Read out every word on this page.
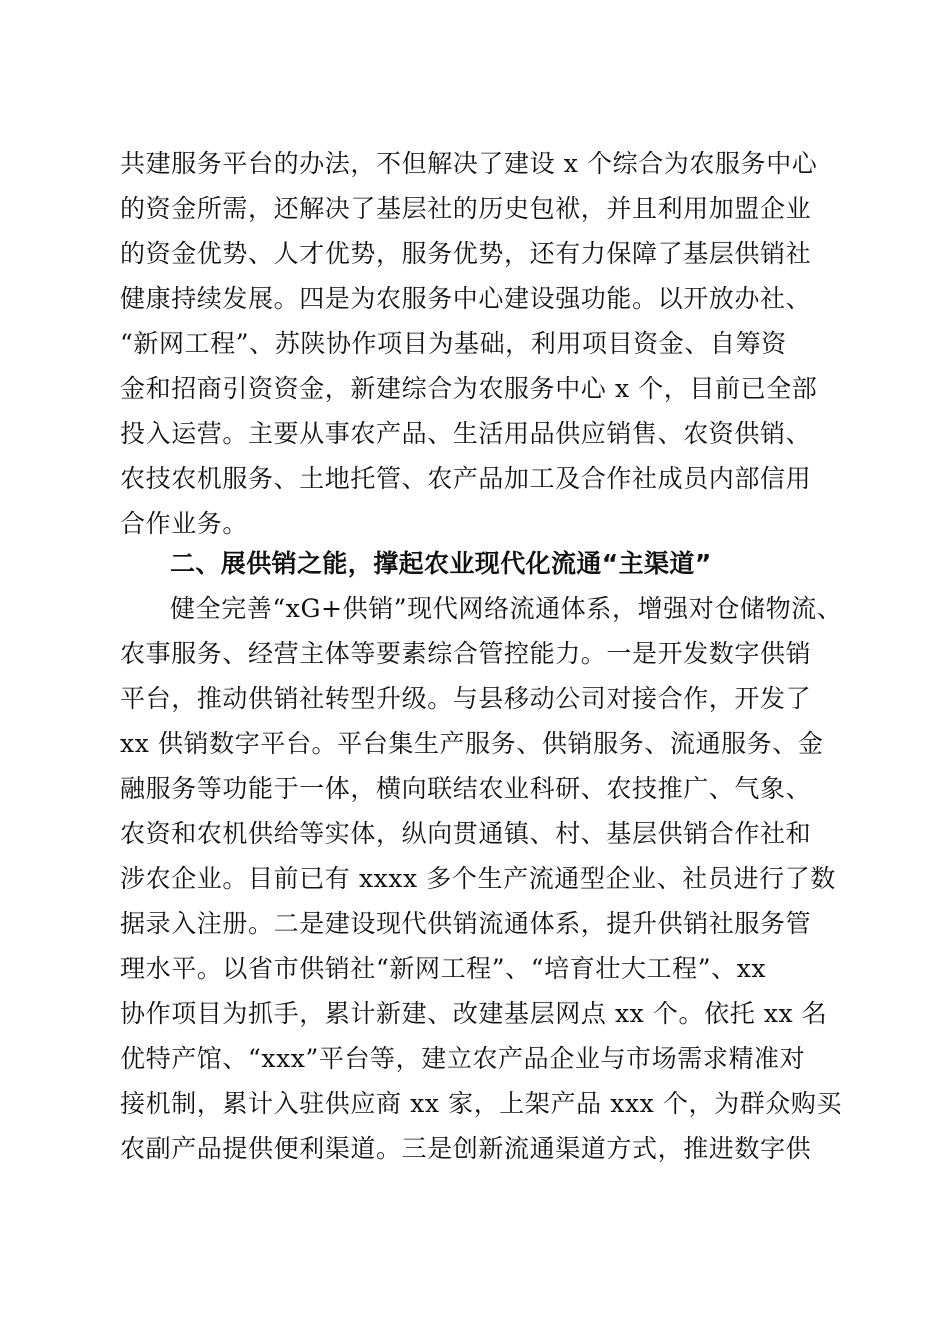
共建服务平台的办法，不但解决了建设 x 个综合为农服务中心
的资金所需，还解决了基层社的历史包袱，并且利用加盟企业
的资金优势、人才优势，服务优势，还有力保障了基层供销社
健康持续发展。四是为农服务中心建设强功能。以开放办社、
“新网工程”、苏陕协作项目为基础，利用项目资金、自筹资
金和招商引资资金，新建综合为农服务中心 x 个，目前已全部
投入运营。主要从事农产品、生活用品供应销售、农资供销、
农技农机服务、土地托管、农产品加工及合作社成员内部信用
合作业务。
二、展供销之能，撑起农业现代化流通“主渠道”
健全完善“xG+供销”现代网络流通体系，增强对仓储物流、
农事服务、经营主体等要素综合管控能力。一是开发数字供销
平台，推动供销社转型升级。与县移动公司对接合作，开发了
xx 供销数字平台。平台集生产服务、供销服务、流通服务、金
融服务等功能于一体，横向联结农业科研、农技推广、气象、
农资和农机供给等实体，纵向贯通镇、村、基层供销合作社和
涉农企业。目前已有 xxxx 多个生产流通型企业、社员进行了数
据录入注册。二是建设现代供销流通体系，提升供销社服务管
理水平。以省市供销社“新网工程”、“培育壮大工程”、xx
协作项目为抓手，累计新建、改建基层网点 xx 个。依托 xx 名
优特产馆、“xxx”平台等，建立农产品企业与市场需求精准对
接机制，累计入驻供应商 xx 家，上架产品 xxx 个，为群众购买
农副产品提供便利渠道。三是创新流通渠道方式，推进数字供
